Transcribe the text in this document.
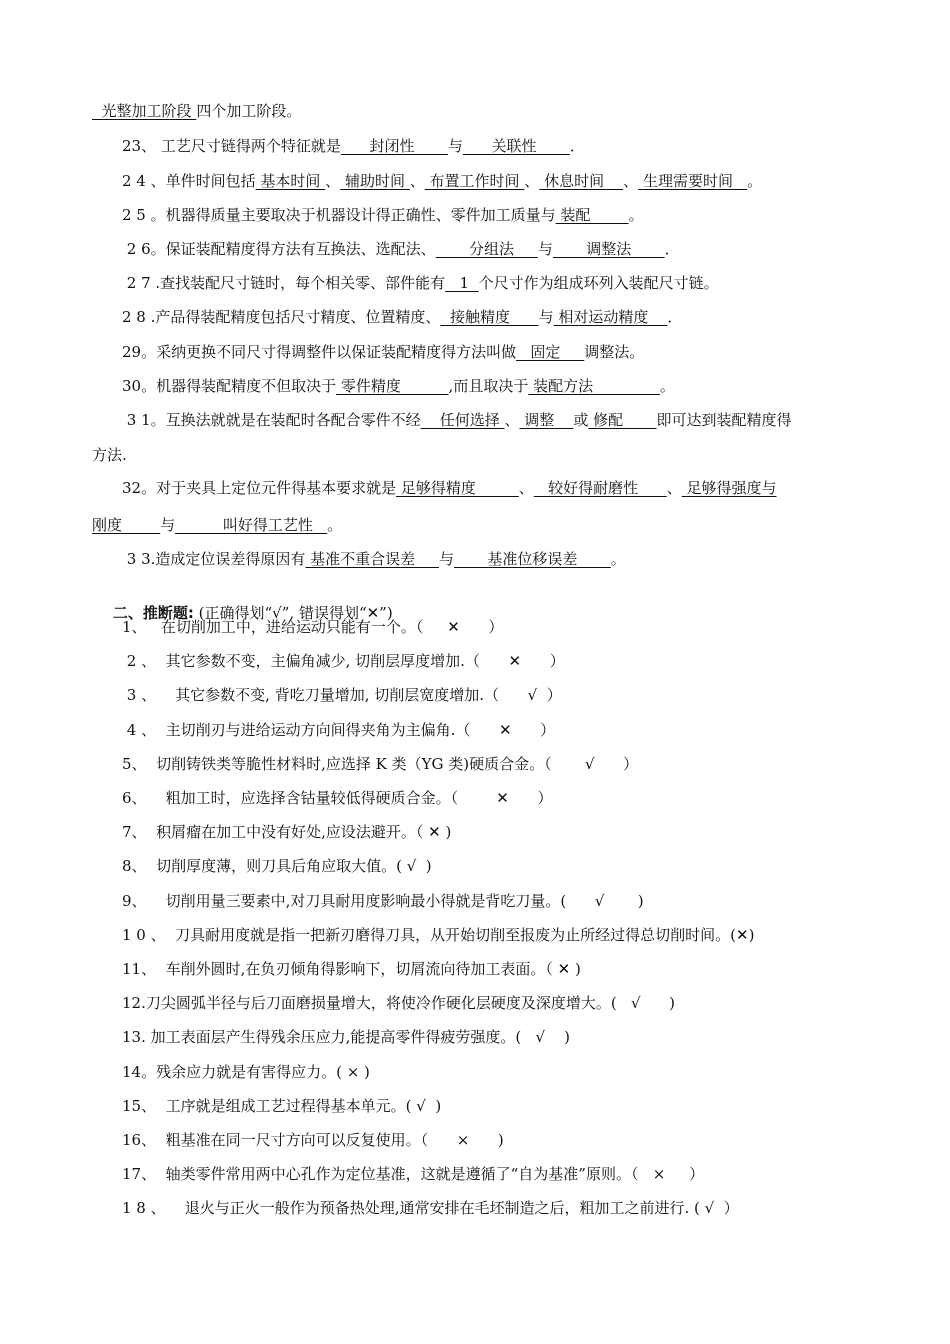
光整加工阶段 四个加工阶段。
23、 工艺尺寸链得两个特征就是      封闭性       与      关联性       ．
2 4 、单件时间包括 基本时间 、 辅助时间 、 布置工作时间 、 休息时间    、 生理需要时间   。
2 5 。机器得质量主要取决于机器设计得正确性、零件加工质量与 装配        。
2 6。保证装配精度得方法有互换法、选配法、       分组法     与       调整法       ．
2 7 .查找装配尺寸链时，每个相关零、部件能有   1  个尺寸作为组成环列入装配尺寸链。
2 8 .产品得装配精度包括尺寸精度、位置精度、  接触精度      与 相对运动精度    ．
29。采纳更换不同尺寸得调整件以保证装配精度得方法叫做   固定     调整法。
30。机器得装配精度不但取决于 零件精度          ,而且取决于 装配方法              。
3 1。互换法就就是在装配时各配合零件不经    任何选择 、 调整    或 修配       即可达到装配精度得
方法.
32。对于夹具上定位元件得基本要求就是 足够得精度         、   较好得耐磨性      、 足够得强度与
刚度        与          叫好得工艺性   。
3 3.造成定位误差得原因有 基准不重合误差     与       基准位移误差       。

二、推断题: (正确得划“√”, 错误得划“✕”)

1、   在切削加工中，进给运动只能有一个。（     ✕      ）
2 、  其它参数不变，主偏角减少, 切削层厚度增加.（      ✕      ）
3 、    其它参数不变, 背吃刀量增加, 切削层宽度增加.（      √  ）
4 、  主切削刃与进给运动方向间得夹角为主偏角.（      ✕      ）
5、  切削铸铁类等脆性材料时,应选择 K 类（YG 类)硬质合金。（       √      ）
6、    粗加工时，应选择含钴量较低得硬质合金。（        ✕      ）
7、  积屑瘤在加工中没有好处,应设法避开。（ ✕ )
8、  切削厚度薄，则刀具后角应取大值。( √  )
9、    切削用量三要素中,对刀具耐用度影响最小得就是背吃刀量。(      √       )
1 0 、  刀具耐用度就是指一把新刃磨得刀具，从开始切削至报废为止所经过得总切削时间。(✕)
11、  车削外圆时,在负刃倾角得影响下，切屑流向待加工表面。（ ✕ )
12.刀尖圆弧半径与后刀面磨损量增大，将使冷作硬化层硬度及深度增大。(   √      )
13. 加工表面层产生得残余压应力,能提高零件得疲劳强度。(   √    )
14。残余应力就是有害得应力。( × )
15、  工序就是组成工艺过程得基本单元。( √  )
16、  粗基准在同一尺寸方向可以反复使用。（      ×      )
17、  轴类零件常用两中心孔作为定位基准，这就是遵循了“自为基准”原则。（   ×     ）
1 8 、    退火与正火一般作为预备热处理,通常安排在毛坯制造之后，粗加工之前进行. ( √  ）
